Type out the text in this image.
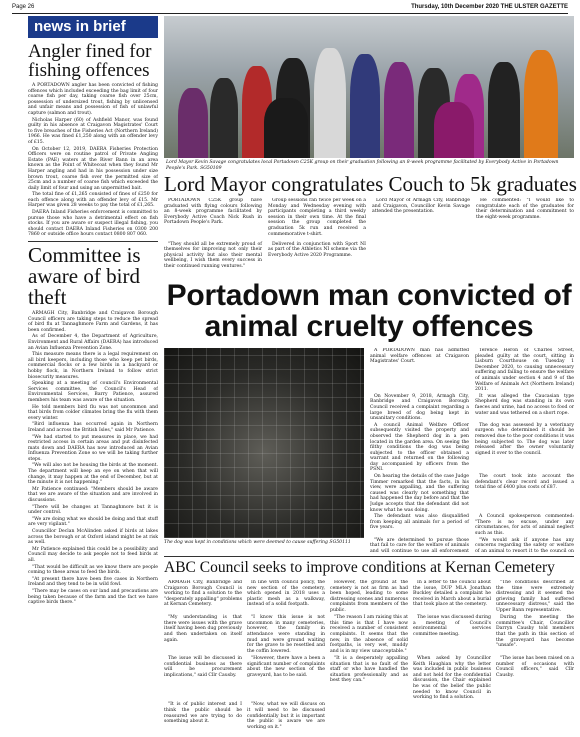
Page 26	Thursday, 10th December 2020 THE ULSTER GAZETTE
news in brief
Angler fined for fishing offences

A PORTADOWN angler has been convicted of fishing offences which included exceeding the bag limit of four coarse fish per day, taking coarse fish over 25cm, possession of undersized trout, fishing by unlicensed and unfair means and possession of fish of unlawful capture (salmon and trout).

Nicholas Harper (60) of Ashfield Manor, was found guilty in his absence at Craigavon Magistrates' Court to five breaches of the Fisheries Act (Northern Ireland) 1966. He was fined £1,250 along with an offender levy of £15.

On October 12, 2019, DAERA Fisheries Protection Officers were on routine patrol of Private Angling Estate (PAE) waters at the River Bann in an area known as the Point of Whitecoat when they found Mr Harper angling and had in his possession under size brown trout, coarse fish over the permitted size of 25cm and a number of coarse fish which exceeded the daily limit of four and using an unpermitted bait.

The total fine of £1,265 consisted of fines of £250 for each offence along with an offender levy of £15. Mr Harper was given 28 weeks to pay the total of £1,265.

DAERA Inland Fisheries enforcement is committed to pursue those who have a detrimental effect on fish stocks. If you are aware or suspect illegal fishing, you should contact DAERA Inland Fisheries on 0300 200 7860 or outside office hours contact 0800 807 060.

Committee is aware of bird theft

ARMAGH City, Banbridge and Craigavon Borough Council officers are taking steps to reduce the spread of bird flu at Tannaghmore Farm and Gardens, it has been confirmed.

As of December 4, the Department of Agriculture, Environment and Rural Affairs (DAERA) has introduced an Avian Influenza Prevention Zone.

This measure means there is a legal requirement on all bird keepers, including those who keep pet birds, commercial flocks or a few birds in a backyard or hobby flock, in Northern Ireland to follow strict biosecurity measures.

Speaking at a meeting of council's Environmental Services committee, the Council's Head of Environmental Services, Barry Patience, assured members his team was aware of the situation.

He told members bird flu was not uncommon and that birds from colder climates bring the flu with them every winter.

"Bird influenza has occurred again in Northern Ireland and across the British Isles," said Mr Patience.

"We had started to put measures in place, we had restricted access in certain areas and put disinfected mats down and DAERA has now introduced an Avian Influenza Prevention Zone so we will be taking further steps.

"We will also not be housing the birds at the moment. The department will keep an eye on when that will change, it may happen at the end of December, but at the minute it is not happening."

Mr Patience continued: "Members should be aware that we are aware of the situation and are involved in discussions.

"There will be changes at Tannaghmore but it is under control.

"We are doing what we should be doing and that stuff are very vigilant."

Councillor Declan McAlinden asked if birds at lakes across the borough or at Oxford island might be at risk as well.

Mr Patience explained this could be a possibility and Council may decide to ask people not to feed birds at all.

"That would be difficult as we know there are people coming to these areas to feed the birds.

"At present there have been five cases in Northern Ireland and they tend to be in wild fowl.

"There may be cases on our land and precautions are being taken because of the farm and the fact we have captive birds there."

Lord Mayor Kevin Savage congratulates local Portadown C25K group on their graduation following an 8-week programme facilitated by Everybody Active in Portadown People's Park. SG50109
Lord Mayor congratulates Couch to 5k graduates

PORTADOWN C25K group have graduated with flying colours following an 8-week programme facilitated by Everybody Active Coach Nick Rush in Portadown People's Park.

Group sessions ran twice per week on a Monday and Wednesday evening with participants completing a third weekly session in their own time. At the final session the group completed the graduation 5k run and received a commemorative t-shirt.

Lord Mayor of Armagh City, Banbridge and Craigavon, Councillor Kevin Savage attended the presentation.

He commented: "I would like to congratulate each of the graduates for their determination and commitment to the eight-week programme.

"They should all be extremely proud of themselves for improving not only their physical activity but also their mental wellbeing, I wish them every success in their continued running ventures."

Delivered in conjunction with Sport NI as part of the Athletics NI scheme via the Everybody Active 2020 Programme.

Portadown man convicted of animal cruelty offences
The dog was kept in conditions which were deemed to cause suffering SG50111

A PORTADOWN man has admitted animal welfare offences at Craigavon Magistrates' Court.

Terence Heron of Charles Street, pleaded guilty at the court, sitting in Lisburn Courthouse on Tuesday 1 December 2020, to causing unnecessary suffering and failing to ensure the welfare of animals under section 4 and 9 of the Welfare of Animals Act (Northern Ireland) 2011.

On November 9, 2018, Armagh City, Banbridge and Craigavon Borough Council received a complaint regarding a large breed of dog being kept in unsanitary conditions.

It was alleged the Caucasian type Shepherd dog was standing in its own faeces and urine, had no access to food or water and was tethered on a short rope.

A council Animal Welfare Officer subsequently visited the property and observed the Shepherd dog in a pen located in the garden area. On seeing the filthy conditions the dog was being subjected to the officer obtained a warrant and returned on the following day accompanied by officers from the PSNI.

The dog was assessed by a veterinary surgeon who determined it should be removed due to the poor conditions it was being subjected to. The dog was later released after the owner voluntarily signed it over to the council.

On hearing the details of the case Judge Timmer remarked that the facts, in his view, were appalling, and the suffering caused was clearly not something that had happened the day before and that the Judge accepts that the defendant did not know what he was doing.

The court took into account the defendant's clear record and issued a total fine of £400 plus costs of £87.

The defendant was also disqualified from keeping all animals for a period of five years.

A Council spokesperson commented: "There is no excuse, under any circumstances, for acts of animal neglect such as this.

"We are determined to pursue those that fail to care for the welfare of animals and will continue to use all enforcement

"We would ask if anyone has any concerns regarding the safety or welfare of an animal to report it to the council on

ABC Council seeks to improve conditions at Kernan Cemetery

ARMAGH City, Banbridge and Craigavon Borough Council is working to find a solution to the "desperately appalling" problems at Kernan Cemetery.

In line with council policy, the new section of the cemetery, which opened in 2018 uses a plastic mesh as a walkway, instead of a solid footpath.

However, the ground at the cemetery is not as firm as had been hoped, leading to some distressing scenes and numerous complaints from members of the public.

In a letter to the council about the issue, DUP MLA Jonathan Buckley detailed a complaint he received in March about a burial that took place at the cemetery.

"The conditions described at the time were extremely distressing and it seemed the grieving family had suffered unnecessary distress," said the Upper Bann representative.

"My understanding is that there were issues with the grave itself having been dug previously and then undertaken on itself again.

"I know this issue is not uncommon in many cemeteries, however, the family in attendance were standing in mud and were ground waiting for the grave to be resettled and the coffin lowered.

"The reason I am raising this at this time is that I have now received a number of consistent complaints. It seems that the new, in the absence of solid footpaths, is very wet, muddy and is in my view unacceptable."

The issue was discussed during a meeting of Council's environmental services committee meeting.

During the meeting the committee's Chair, Councillor Darryn Causby told members that the path in this section of the graveyard has become "unsafe".

The issue will be discussed in confidential business as there will be procurement implications," said Cllr Causby.

"However, there have a been a significant number of complaints about the new section of the graveyard, has to be said.

"It is a desperately appalling situation that is no fault of the staff or who have handled the situation professionally and as best they can."

When asked by Councillor Keith Haughian why the letter was included in public business and not held for the confidential discussion, the Chair explained he was of the belief the public needed to know Council in working to find a solution.

"The issue has been raised on a number of occasions with Council officers," said Cllr Causby.

"It is of public interest and I think the public should be reassured we are trying to do something about it.

"Now, what we will discuss on it will need to be discussed confidentially but it is important the public is aware we are working on it."
